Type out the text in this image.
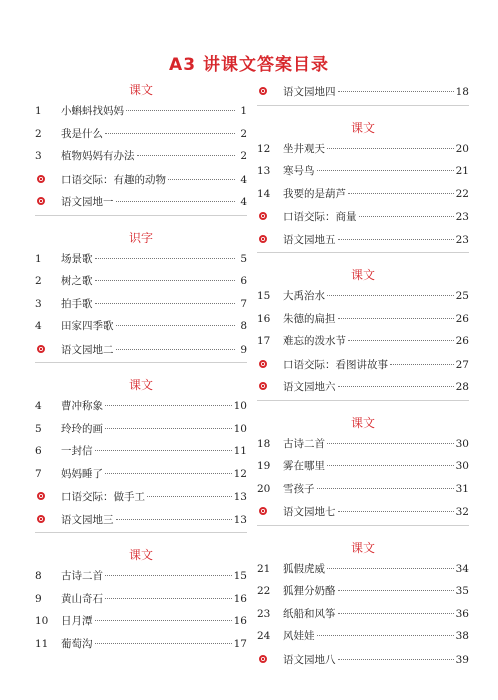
A3 讲课文答案目录
课文
1	小蝌蚪找妈妈	1
2	我是什么	2
3	植物妈妈有办法	2
口语交际：有趣的动物	4
语文园地一	4
识字
1	场景歌	5
2	树之歌	6
3	拍手歌	7
4	田家四季歌	8
语文园地二	9
课文
4	曹冲称象	10
5	玲玲的画	10
6	一封信	11
7	妈妈睡了	12
口语交际：做手工	13
语文园地三	13
课文
8	古诗二首	15
9	黄山奇石	16
10	日月潭	16
11	葡萄沟	17
语文园地四	18
课文
12	坐井观天	20
13	寒号鸟	21
14	我要的是葫芦	22
口语交际：商量	23
语文园地五	23
课文
15	大禹治水	25
16	朱德的扁担	26
17	难忘的泼水节	26
口语交际：看图讲故事	27
语文园地六	28
课文
18	古诗二首	30
19	雾在哪里	30
20	雪孩子	31
语文园地七	32
课文
21	狐假虎威	34
22	狐狸分奶酪	35
23	纸船和风筝	36
24	风娃娃	38
语文园地八	39
